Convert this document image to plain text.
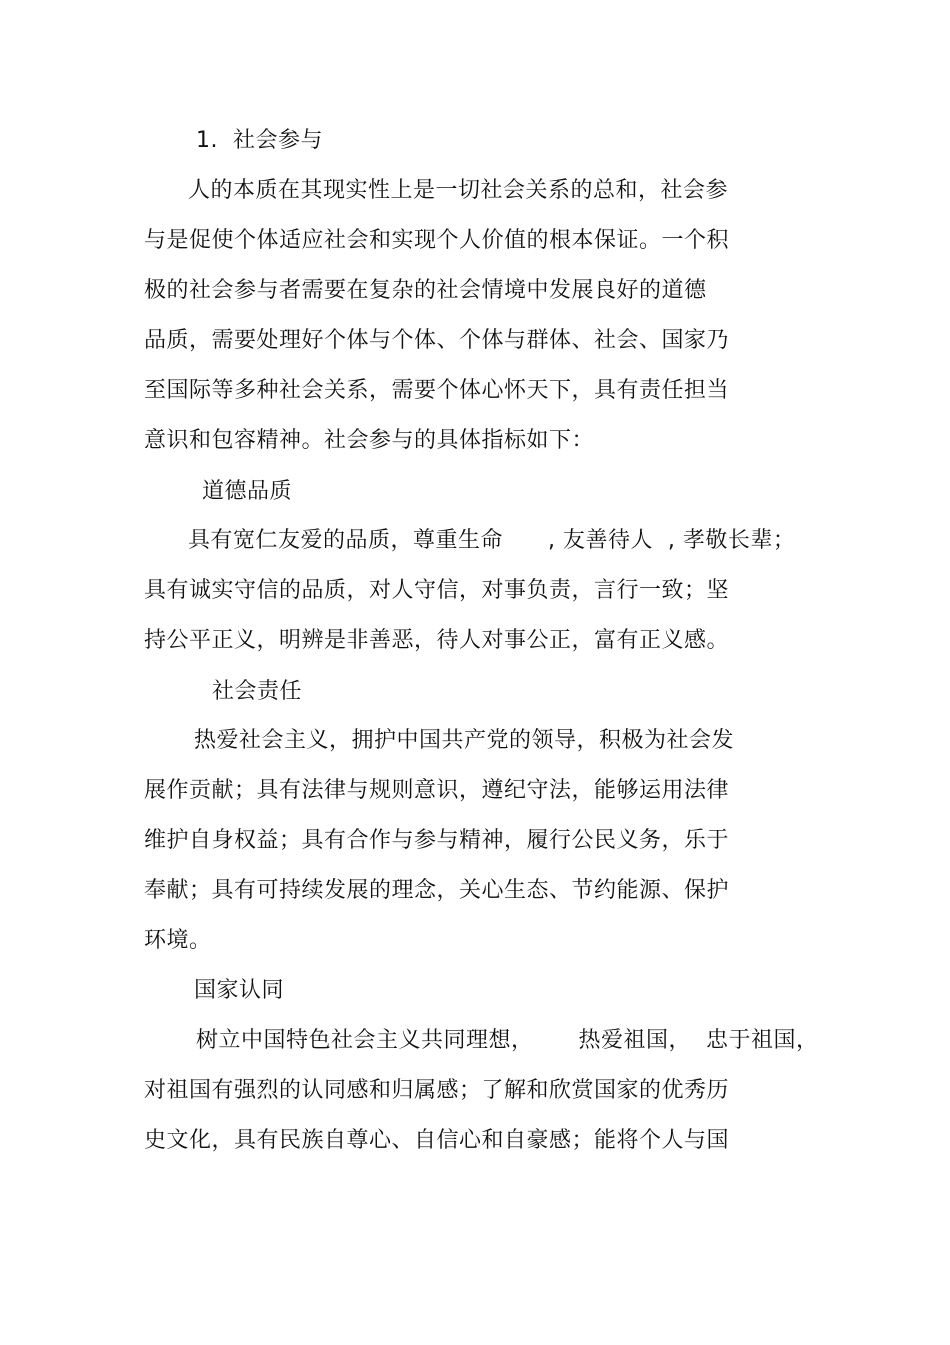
1.  社会参与
人的本质在其现实性上是一切社会关系的总和，社会参
与是促使个体适应社会和实现个人价值的根本保证。一个积
极的社会参与者需要在复杂的社会情境中发展良好的道德
品质，需要处理好个体与个体、个体与群体、社会、国家乃
至国际等多种社会关系，需要个体心怀天下，具有责任担当
意识和包容精神。社会参与的具体指标如下：
道德品质
具有宽仁友爱的品质，尊重生命      , 友善待人  , 孝敬长辈；
具有诚实守信的品质，对人守信，对事负责，言行一致；坚
持公平正义，明辨是非善恶，待人对事公正，富有正义感。
社会责任
热爱社会主义，拥护中国共产党的领导，积极为社会发
展作贡献；具有法律与规则意识，遵纪守法，能够运用法律
维护自身权益；具有合作与参与精神，履行公民义务，乐于
奉献；具有可持续发展的理念，关心生态、节约能源、保护
环境。
国家认同
树立中国特色社会主义共同理想，      热爱祖国，  忠于祖国，
对祖国有强烈的认同感和归属感；了解和欣赏国家的优秀历
史文化，具有民族自尊心、自信心和自豪感；能将个人与国
